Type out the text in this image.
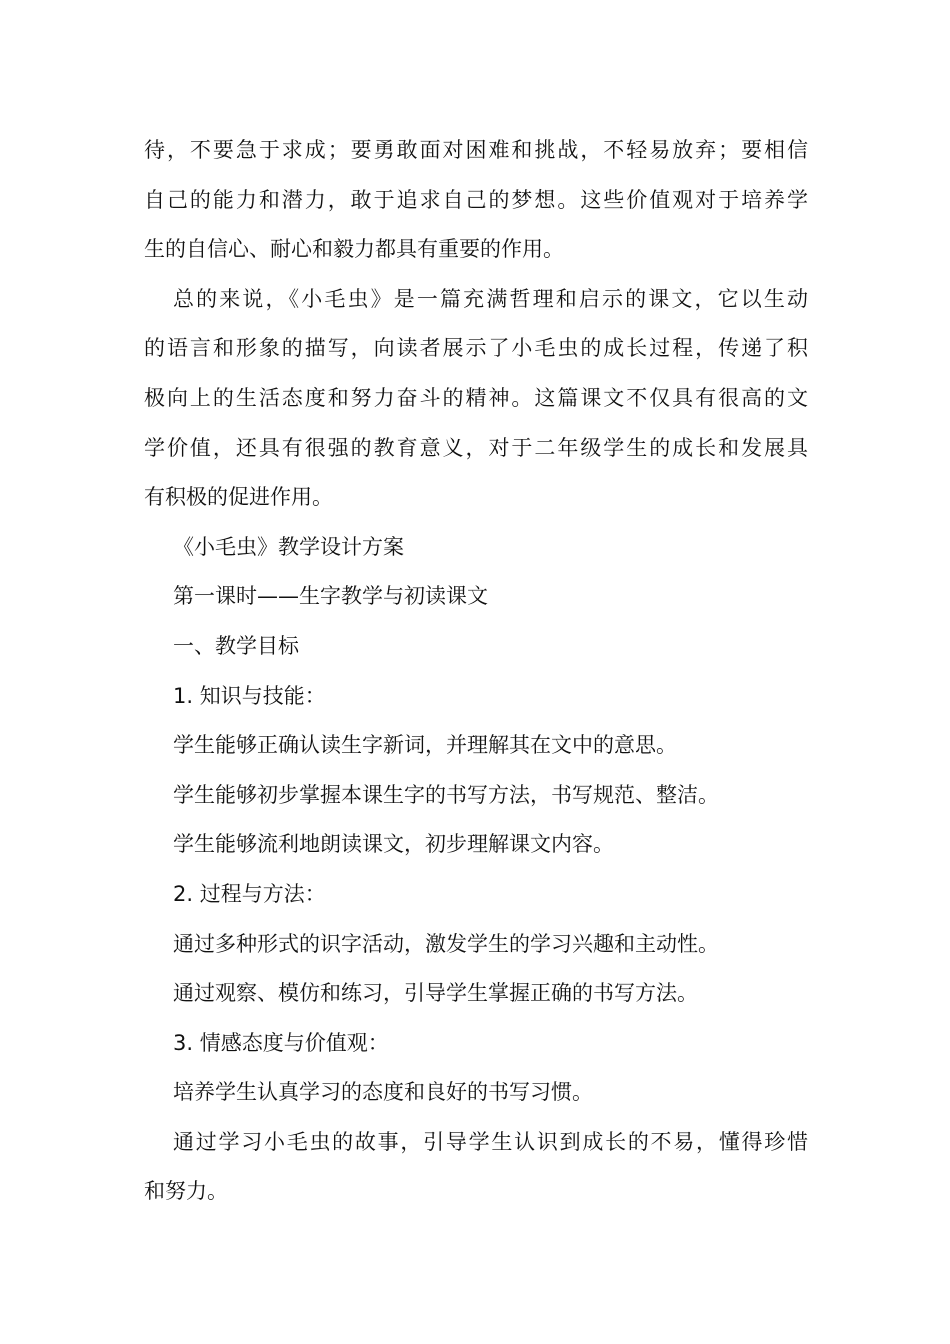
待，不要急于求成；要勇敢面对困难和挑战，不轻易放弃；要相信
自己的能力和潜力，敢于追求自己的梦想。这些价值观对于培养学
生的自信心、耐心和毅力都具有重要的作用。
总的来说，《小毛虫》是一篇充满哲理和启示的课文，它以生动
的语言和形象的描写，向读者展示了小毛虫的成长过程，传递了积
极向上的生活态度和努力奋斗的精神。这篇课文不仅具有很高的文
学价值，还具有很强的教育意义，对于二年级学生的成长和发展具
有积极的促进作用。
《小毛虫》教学设计方案
第一课时——生字教学与初读课文
一、教学目标
1. 知识与技能：
学生能够正确认读生字新词，并理解其在文中的意思。
学生能够初步掌握本课生字的书写方法，书写规范、整洁。
学生能够流利地朗读课文，初步理解课文内容。
2. 过程与方法：
通过多种形式的识字活动，激发学生的学习兴趣和主动性。
通过观察、模仿和练习，引导学生掌握正确的书写方法。
3. 情感态度与价值观：
培养学生认真学习的态度和良好的书写习惯。
通过学习小毛虫的故事，引导学生认识到成长的不易，懂得珍惜
和努力。
